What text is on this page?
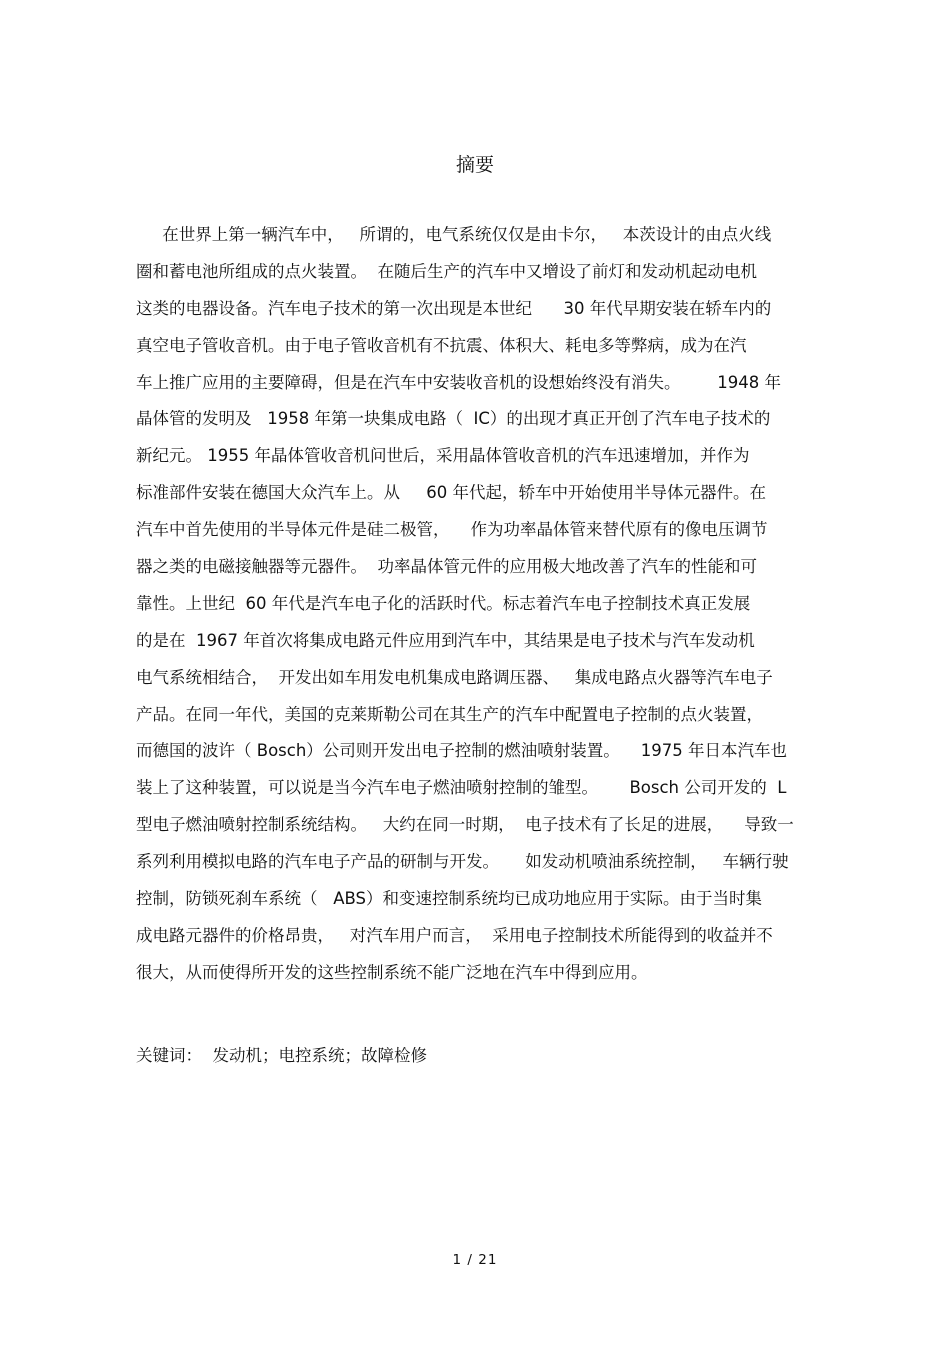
摘要
在世界上第一辆汽车中，   所谓的，电气系统仅仅是由卡尔，   本茨设计的由点火线
圈和蓄电池所组成的点火装置。  在随后生产的汽车中又增设了前灯和发动机起动电机
这类的电器设备。汽车电子技术的第一次出现是本世纪      30 年代早期安装在轿车内的
真空电子管收音机。由于电子管收音机有不抗震、体积大、耗电多等弊病，成为在汽
车上推广应用的主要障碍，但是在汽车中安装收音机的设想始终没有消失。       1948 年
晶体管的发明及   1958 年第一块集成电路（  IC）的出现才真正开创了汽车电子技术的
新纪元。 1955 年晶体管收音机问世后，采用晶体管收音机的汽车迅速增加，并作为
标准部件安装在德国大众汽车上。从     60 年代起，轿车中开始使用半导体元器件。在
汽车中首先使用的半导体元件是硅二极管，    作为功率晶体管来替代原有的像电压调节
器之类的电磁接触器等元器件。  功率晶体管元件的应用极大地改善了汽车的性能和可
靠性。上世纪  60 年代是汽车电子化的活跃时代。标志着汽车电子控制技术真正发展
的是在  1967 年首次将集成电路元件应用到汽车中，其结果是电子技术与汽车发动机
电气系统相结合，  开发出如车用发电机集成电路调压器、   集成电路点火器等汽车电子
产品。在同一年代，美国的克莱斯勒公司在其生产的汽车中配置电子控制的点火装置，
而德国的波许（ Bosch）公司则开发出电子控制的燃油喷射装置。    1975 年日本汽车也
装上了这种装置，可以说是当今汽车电子燃油喷射控制的雏型。      Bosch 公司开发的  L
型电子燃油喷射控制系统结构。   大约在同一时期，  电子技术有了长足的进展，    导致一
系列利用模拟电路的汽车电子产品的研制与开发。     如发动机喷油系统控制，   车辆行驶
控制，防锁死刹车系统（   ABS）和变速控制系统均已成功地应用于实际。由于当时集
成电路元器件的价格昂贵，   对汽车用户而言，  采用电子控制技术所能得到的收益并不
很大，从而使得所开发的这些控制系统不能广泛地在汽车中得到应用。
关键词：  发动机；电控系统；故障检修
1 / 21
